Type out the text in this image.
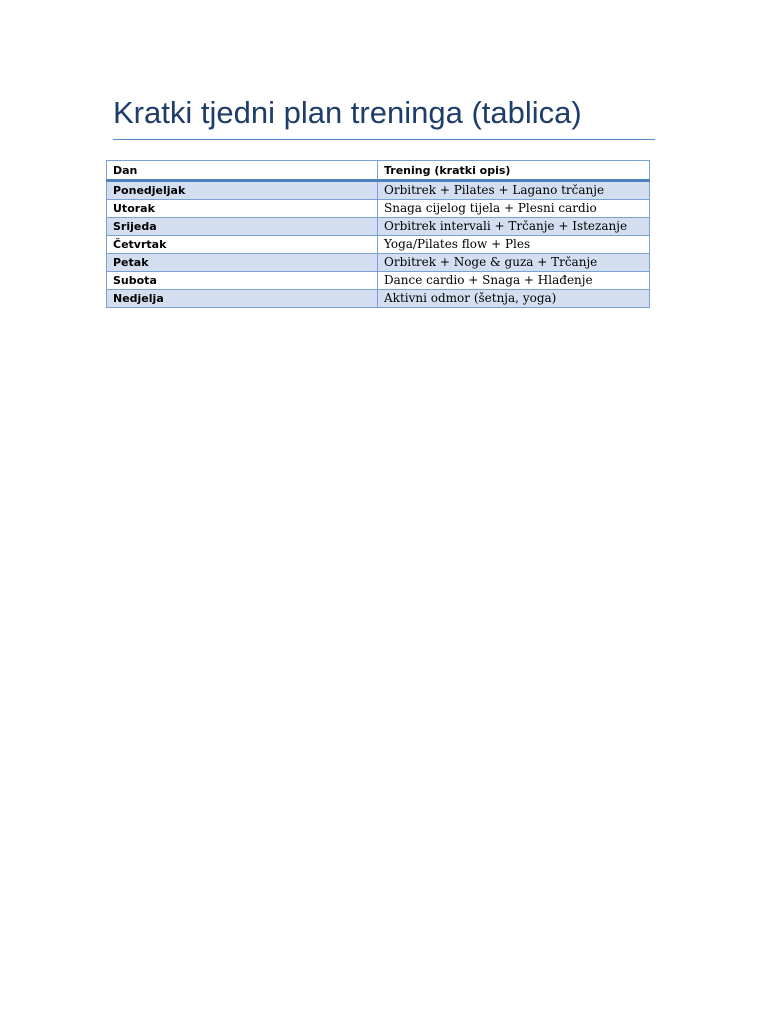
Kratki tjedni plan treninga (tablica)
Dan	Trening (kratki opis)
Ponedjeljak	Orbitrek + Pilates + Lagano trčanje
Utorak	Snaga cijelog tijela + Plesni cardio
Srijeda	Orbitrek intervali + Trčanje + Istezanje
Četvrtak	Yoga/Pilates flow + Ples
Petak	Orbitrek + Noge & guza + Trčanje
Subota	Dance cardio + Snaga + Hlađenje
Nedjelja	Aktivni odmor (šetnja, yoga)
